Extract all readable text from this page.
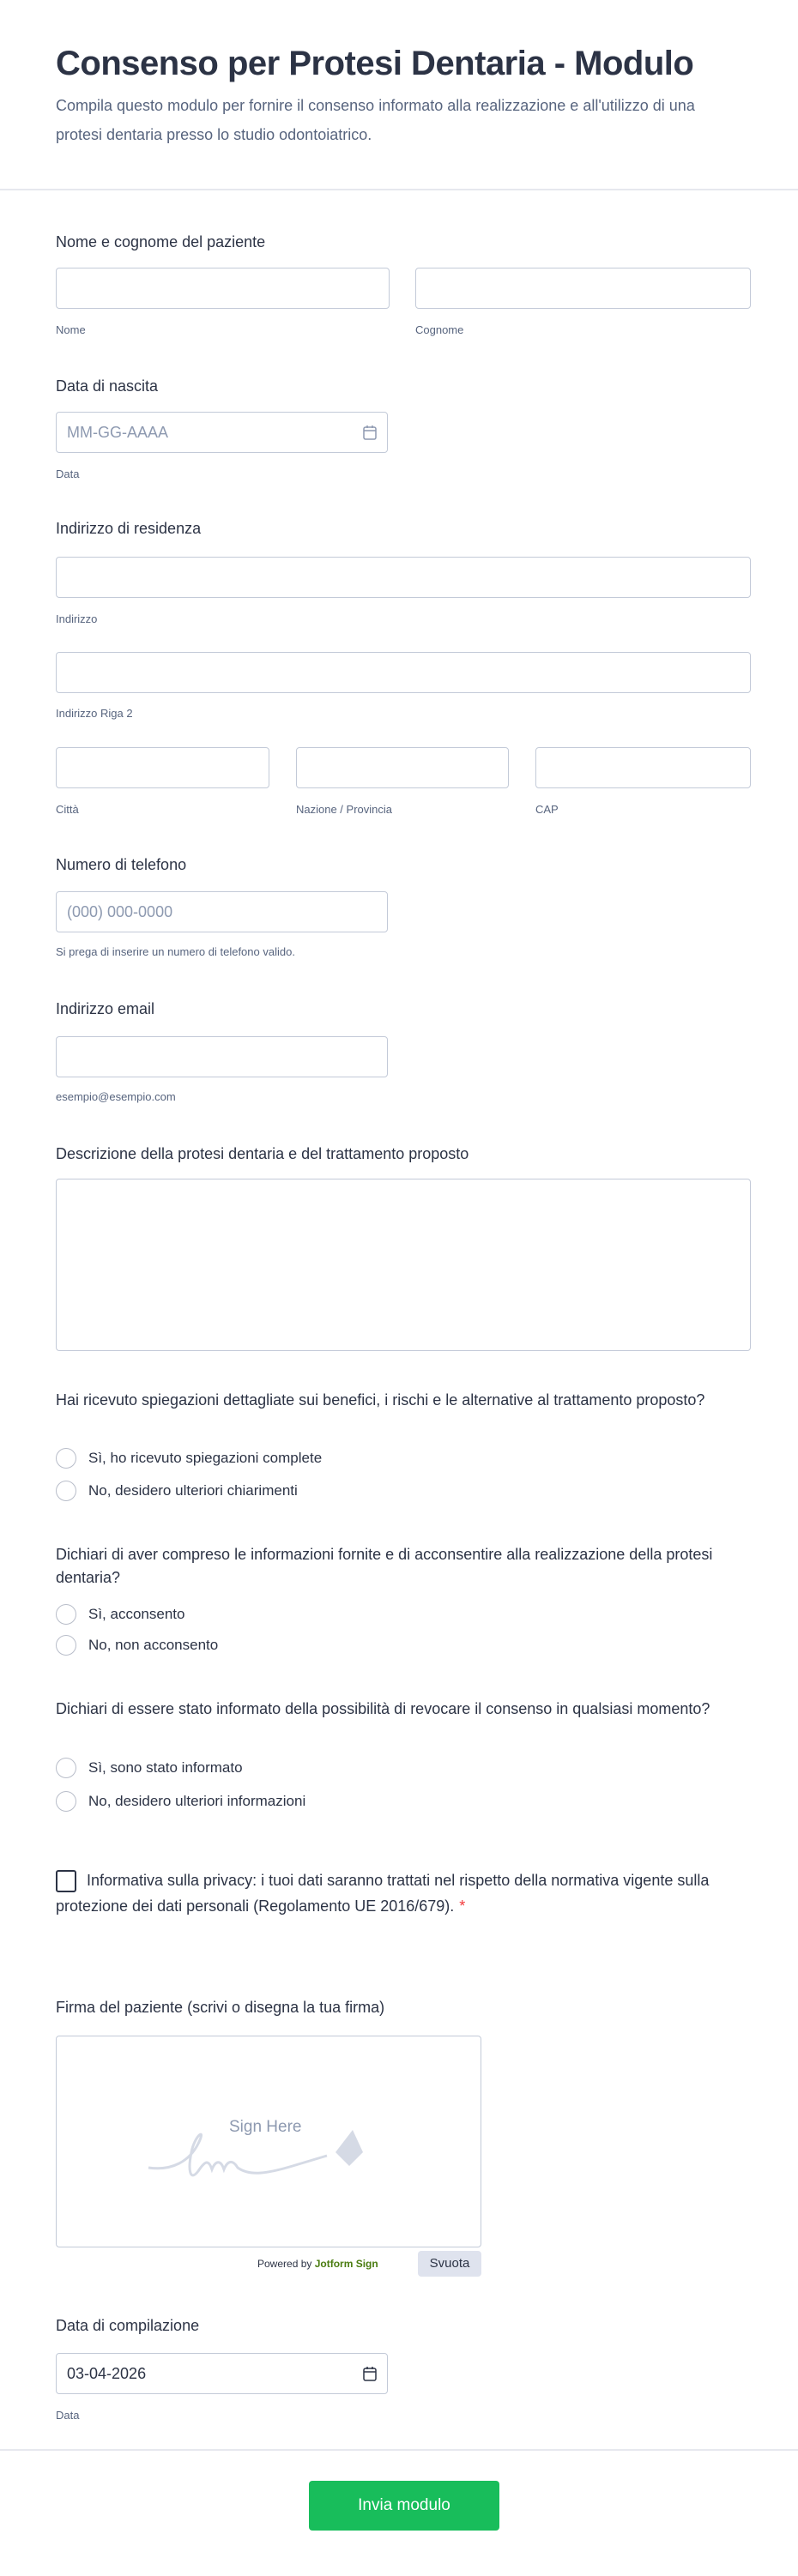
Consenso per Protesi Dentaria - Modulo
Compila questo modulo per fornire il consenso informato alla realizzazione e all'utilizzo di una protesi dentaria presso lo studio odontoiatrico.
Nome e cognome del paziente
Nome	Cognome
Data di nascita
MM-GG-AAAA
Data
Indirizzo di residenza
Indirizzo
Indirizzo Riga 2
Città	Nazione / Provincia	CAP
Numero di telefono
(000) 000-0000
Si prega di inserire un numero di telefono valido.
Indirizzo email
esempio@esempio.com
Descrizione della protesi dentaria e del trattamento proposto
Hai ricevuto spiegazioni dettagliate sui benefici, i rischi e le alternative al trattamento proposto?
Sì, ho ricevuto spiegazioni complete
No, desidero ulteriori chiarimenti
Dichiari di aver compreso le informazioni fornite e di acconsentire alla realizzazione della protesi dentaria?
Sì, acconsento
No, non acconsento
Dichiari di essere stato informato della possibilità di revocare il consenso in qualsiasi momento?
Sì, sono stato informato
No, desidero ulteriori informazioni
Informativa sulla privacy: i tuoi dati saranno trattati nel rispetto della normativa vigente sulla protezione dei dati personali (Regolamento UE 2016/679). *
Firma del paziente (scrivi o disegna la tua firma)
Sign Here
Powered by Jotform Sign	Svuota
Data di compilazione
03-04-2026
Data
Invia modulo
